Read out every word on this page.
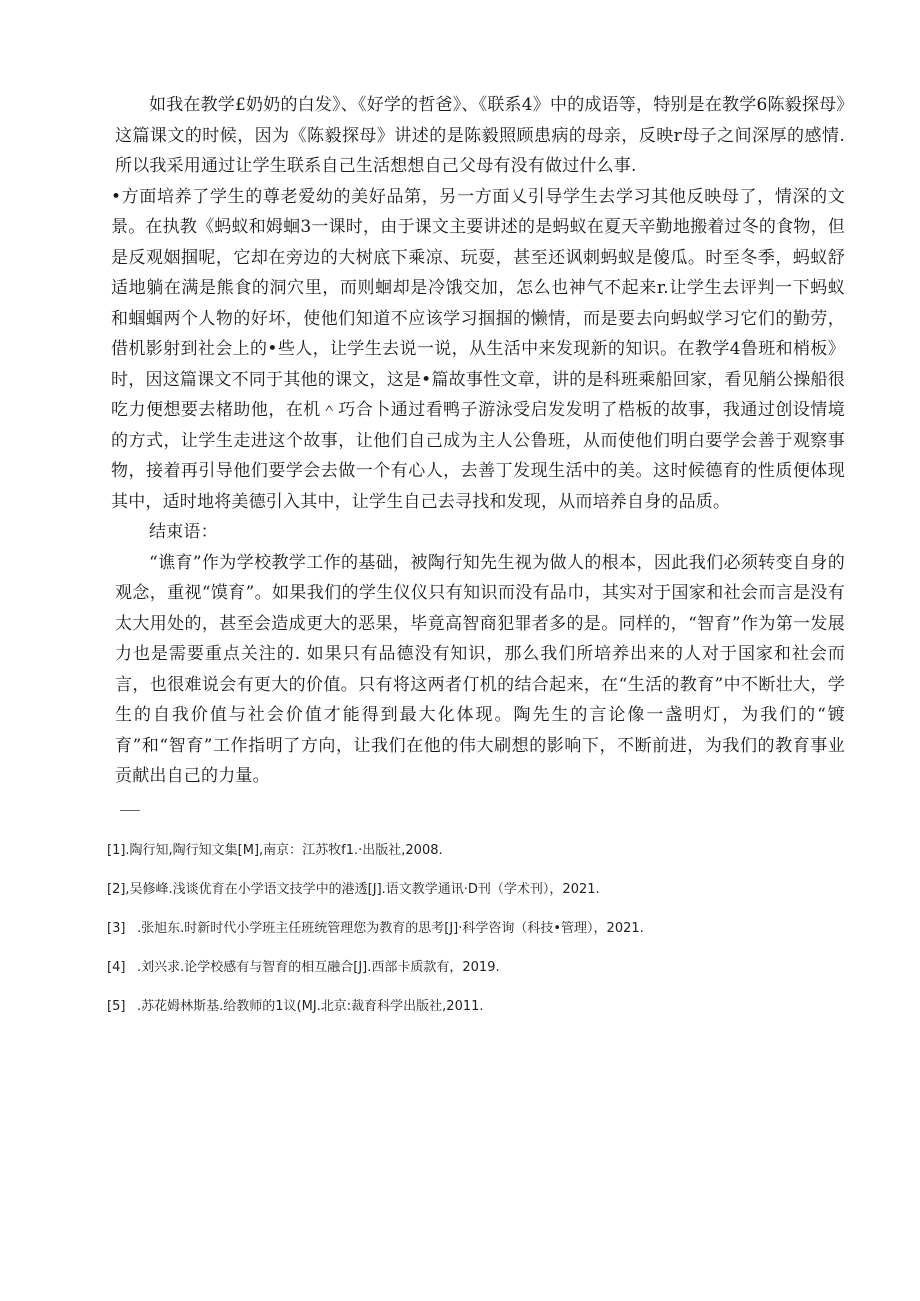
如我在教学£奶奶的白发》、《好学的哲爸》、《联系4》中的成语等，特别是在教学6陈毅探母》这篇课文的时候，因为《陈毅探母》讲述的是陈毅照顾患病的母亲，反映r母子之间深厚的感情. 所以我采用通过让学生联系自己生活想想自己父母有没有做过什么事.

•方面培养了学生的尊老爱幼的美好品第，另一方面乂引导学生去学习其他反映母了，情深的文景。在执教《蚂蚁和姆蛔3一课时，由于课文主要讲述的是蚂蚁在夏天辛勤地搬着过冬的食物，但是反观姻掴呢，它却在旁边的大树底下乘凉、玩耍，甚至还讽刺蚂蚁是傻瓜。时至冬季，蚂蚁舒适地躺在满是熊食的洞穴里，而则蛔却是冷饿交加，怎么也神气不起来r.让学生去评判一下蚂蚁和蝈蝈两个人物的好坏，使他们知道不应该学习掴掴的懒情，而是要去向蚂蚁学习它们的勤劳，借机影射到社会上的•些人，让学生去说一说，从生活中来发现新的知识。在教学4鲁班和梢板》时，因这篇课文不同于其他的课文，这是•篇故事性文章，讲的是科班乘船回家，看见艄公操船很吃力便想要去楮助他，在机＾巧合卜通过看鸭子游泳受启发发明了梏板的故事，我通过创设情境的方式，让学生走进这个故事，让他们自己成为主人公鲁班，从而使他们明白要学会善于观察事物，接着再引导他们要学会去做一个有心人，去善丁发现生活中的美。这时候德育的性质便体现其中，适时地将美德引入其中，让学生自己去寻找和发现，从而培养自身的品质。

结束语：

“谯育”作为学校教学工作的基础，被陶行知先生视为做人的根本，因此我们必须转变自身的观念，重视“馍育”。如果我们的学生仪仪只有知识而没有品巾，其实对于国家和社会而言是没有太大用处的，甚至会造成更大的恶果，毕竟高智商犯罪者多的是。同样的，“智育”作为第一发展力也是需要重点关注的. 如果只有品德没有知识，那么我们所培养出来的人对于国家和社会而言，也很难说会有更大的价值。只有将这两者仃机的结合起来，在“生活的教育”中不断壮大，学生的自我价值与社会价值才能得到最大化体现。陶先生的言论像一盏明灯，为我们的“镀育”和“智育”工作指明了方向，让我们在他的伟大刷想的影响下，不断前进，为我们的教育事业贡献出自己的力量。

[1].陶行知,陶行知文集[M],南京：江苏牧f1.·出版社,2008.
[2],吴修峰.浅谈优育在小学语文技学中的港透[J].语文教学通讯·D刊（学术刊），2021.
[3] .张旭东.时新时代小学班主任班统管理您为教育的思考[J]·科学咨询（科技•管理），2021.
[4] .刘兴求.论学校感有与智育的相互融合[J].西部卡质款有，2019.
[5] .苏花姆林斯基.给教师的1议(MJ.北京:裁育科学出版社,2011.
